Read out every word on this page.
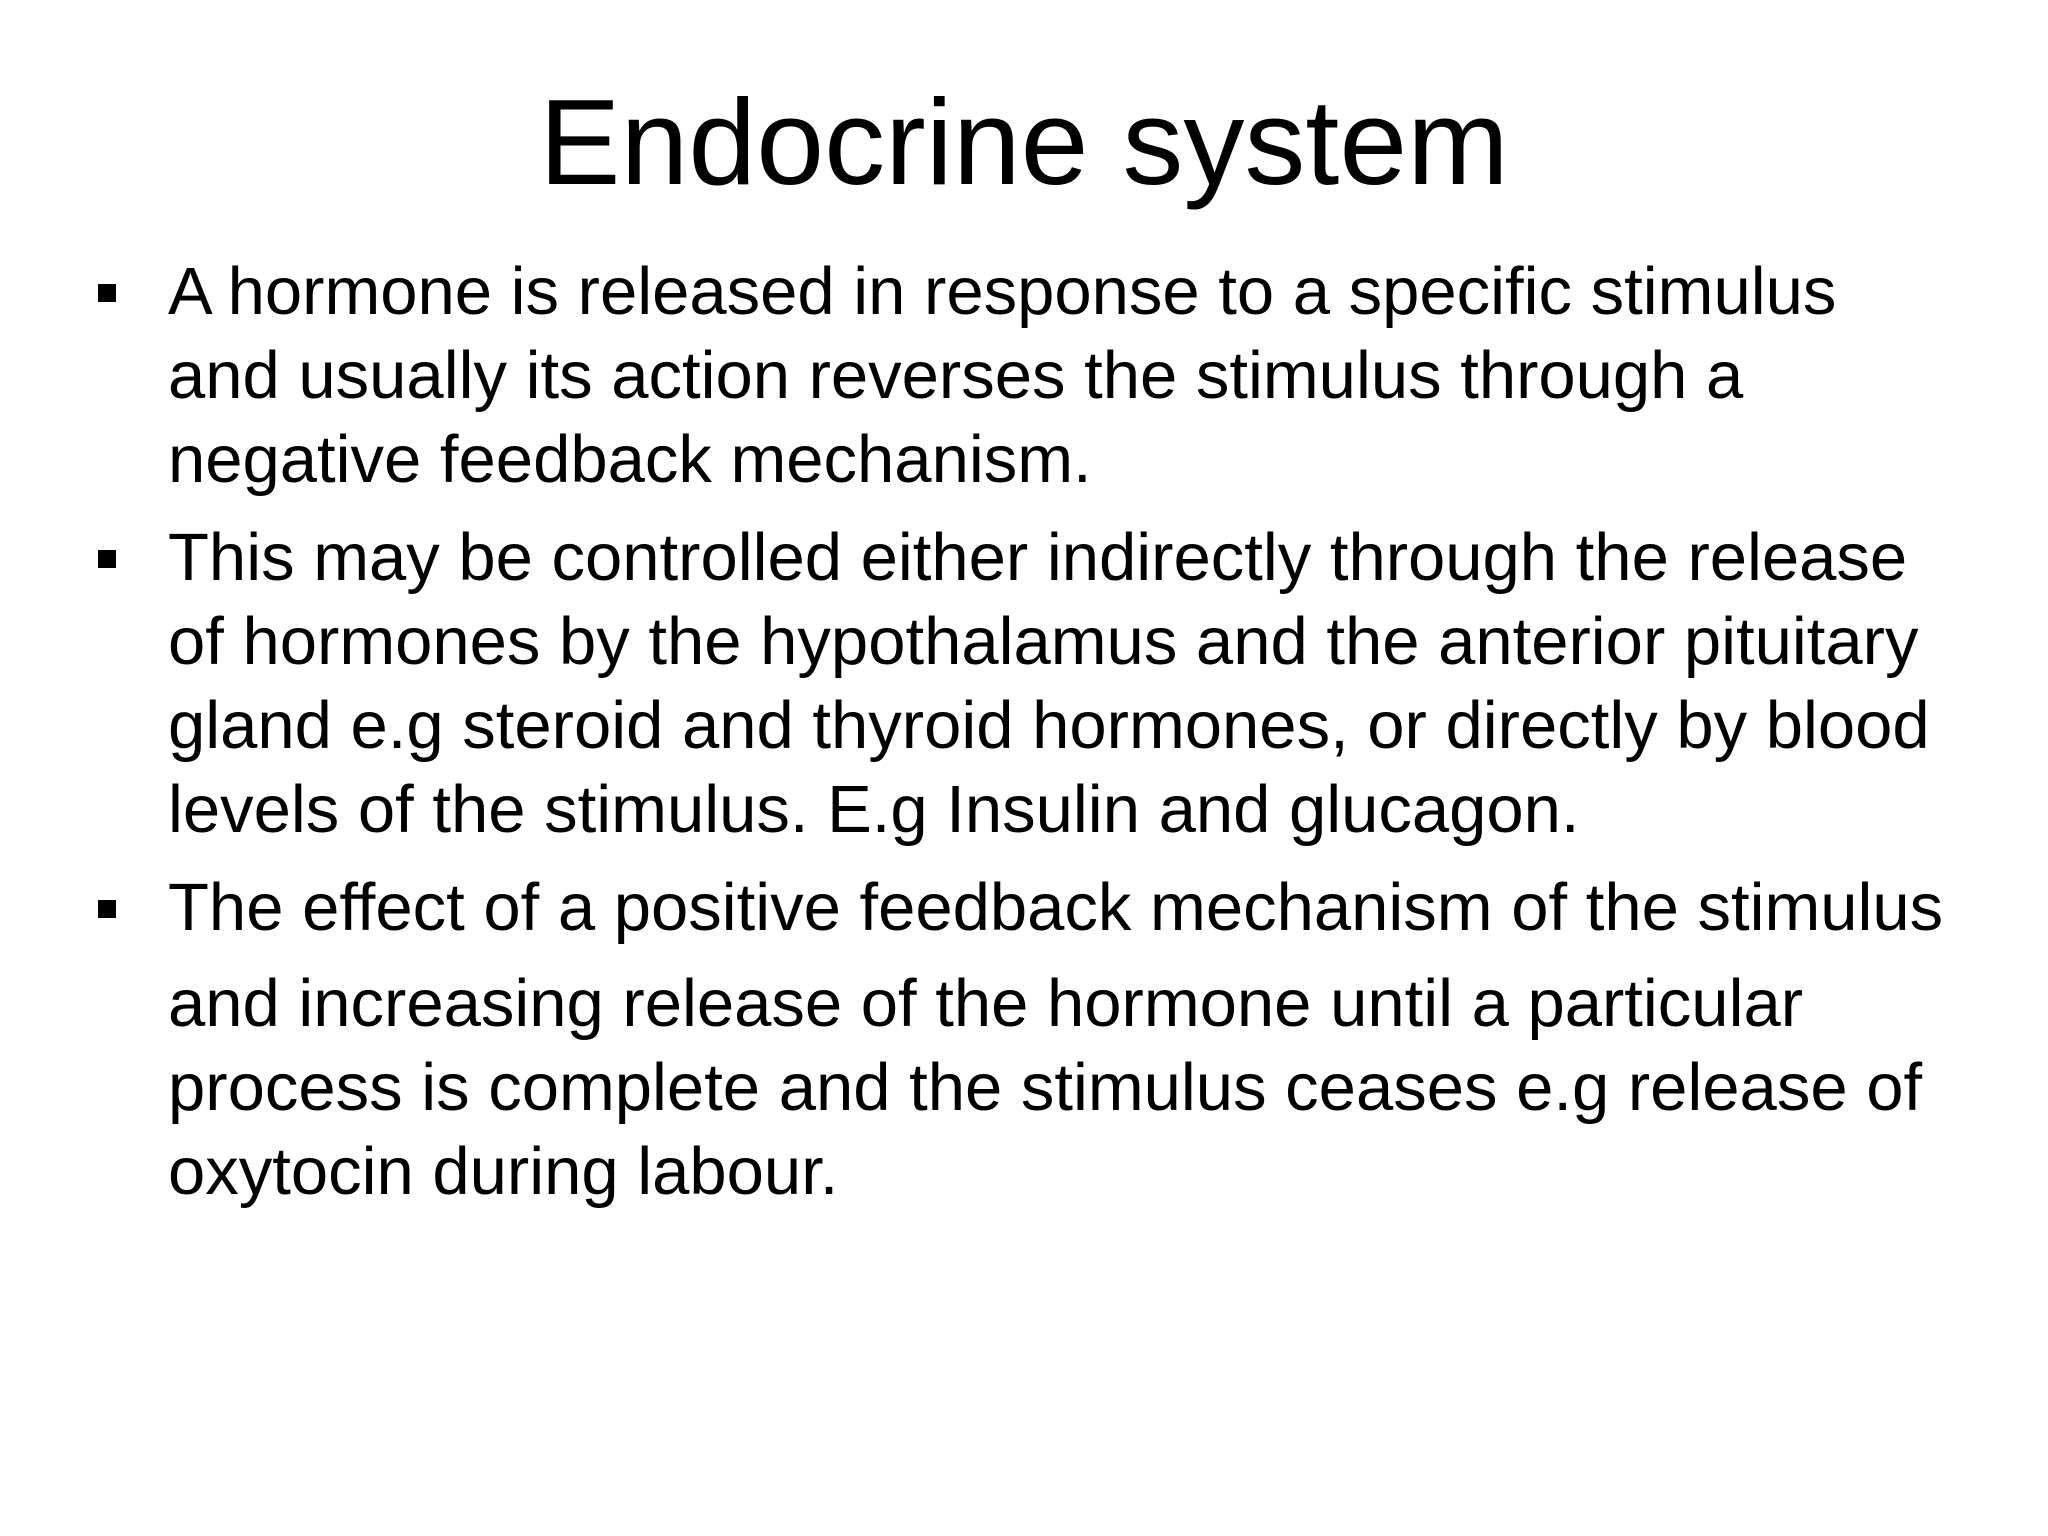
Endocrine system
A hormone is released in response to a specific stimulus
and usually its action reverses the stimulus through a
negative feedback mechanism.
This may be controlled either indirectly through the release
of hormones by the hypothalamus and the anterior pituitary
gland e.g steroid and thyroid hormones, or directly by blood
levels of the stimulus. E.g Insulin and glucagon.
The effect of a positive feedback mechanism of the stimulus
and increasing release of the hormone until a particular
process is complete and the stimulus ceases e.g release of
oxytocin during labour.
